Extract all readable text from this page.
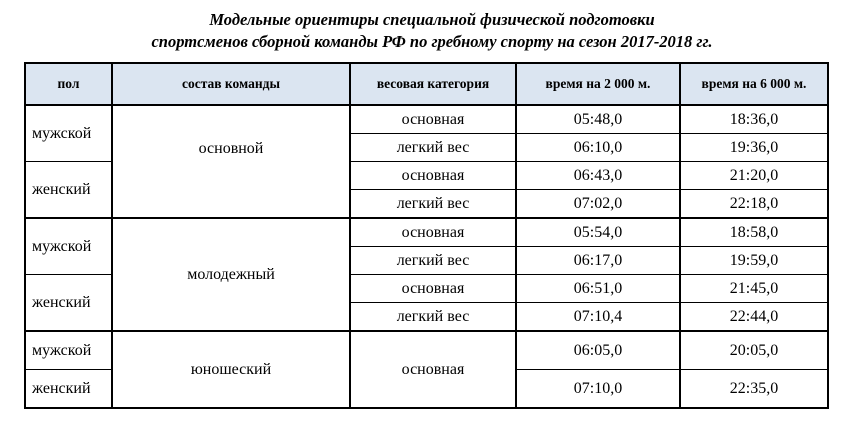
Модельные ориентиры специальной физической подготовки
спортсменов сборной команды РФ по гребному спорту на сезон 2017-2018 гг.
пол	состав команды	весовая категория	время на 2 000 м.	время на 6 000 м.
мужской	основной	основная	05:48,0	18:36,0
		легкий вес	06:10,0	19:36,0
женский		основная	06:43,0	21:20,0
		легкий вес	07:02,0	22:18,0
мужской	молодежный	основная	05:54,0	18:58,0
		легкий вес	06:17,0	19:59,0
женский		основная	06:51,0	21:45,0
		легкий вес	07:10,4	22:44,0
мужской	юношеский	основная	06:05,0	20:05,0
женский			07:10,0	22:35,0
